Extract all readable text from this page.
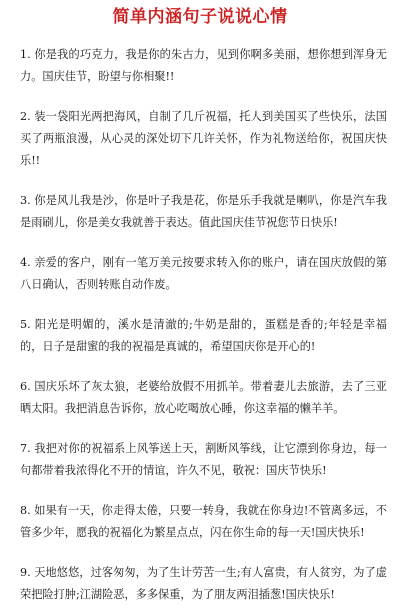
简单内涵句子说说心情

1. 你是我的巧克力，我是你的朱古力，见到你啊多美丽，想你想到浑身无力。国庆佳节，盼望与你相聚!!

2. 装一袋阳光两把海风，自制了几斤祝福，托人到美国买了些快乐，法国买了两瓶浪漫，从心灵的深处切下几许关怀，作为礼物送给你，祝国庆快乐!!

3. 你是风儿我是沙，你是叶子我是花，你是乐手我就是喇叭，你是汽车我是雨刷儿，你是美女我就善于表达。值此国庆佳节祝您节日快乐!

4. 亲爱的客户，刚有一笔万美元按要求转入你的账户，请在国庆放假的第八日确认，否则转账自动作废。

5. 阳光是明媚的，溪水是清澈的;牛奶是甜的，蛋糕是香的;年轻是幸福的，日子是甜蜜的我的祝福是真诚的，希望国庆你是开心的!

6. 国庆乐坏了灰太狼，老婆给放假不用抓羊。带着妻儿去旅游，去了三亚晒太阳。我把消息告诉你，放心吃喝放心睡，你这幸福的懒羊羊。

7. 我把对你的祝福系上风筝送上天，割断风筝线，让它漂到你身边，每一句都带着我浓得化不开的情谊，许久不见，敬祝：国庆节快乐!

8. 如果有一天，你走得太倦，只要一转身，我就在你身边!不管离多远，不管多少年，愿我的祝福化为繁星点点，闪在你生命的每一天!国庆快乐!

9. 天地悠悠，过客匆匆，为了生计劳苦一生;有人富贵，有人贫穷，为了虚荣把险打肿;江湖险恶，多多保重，为了朋友两泪插葱!国庆快乐!
